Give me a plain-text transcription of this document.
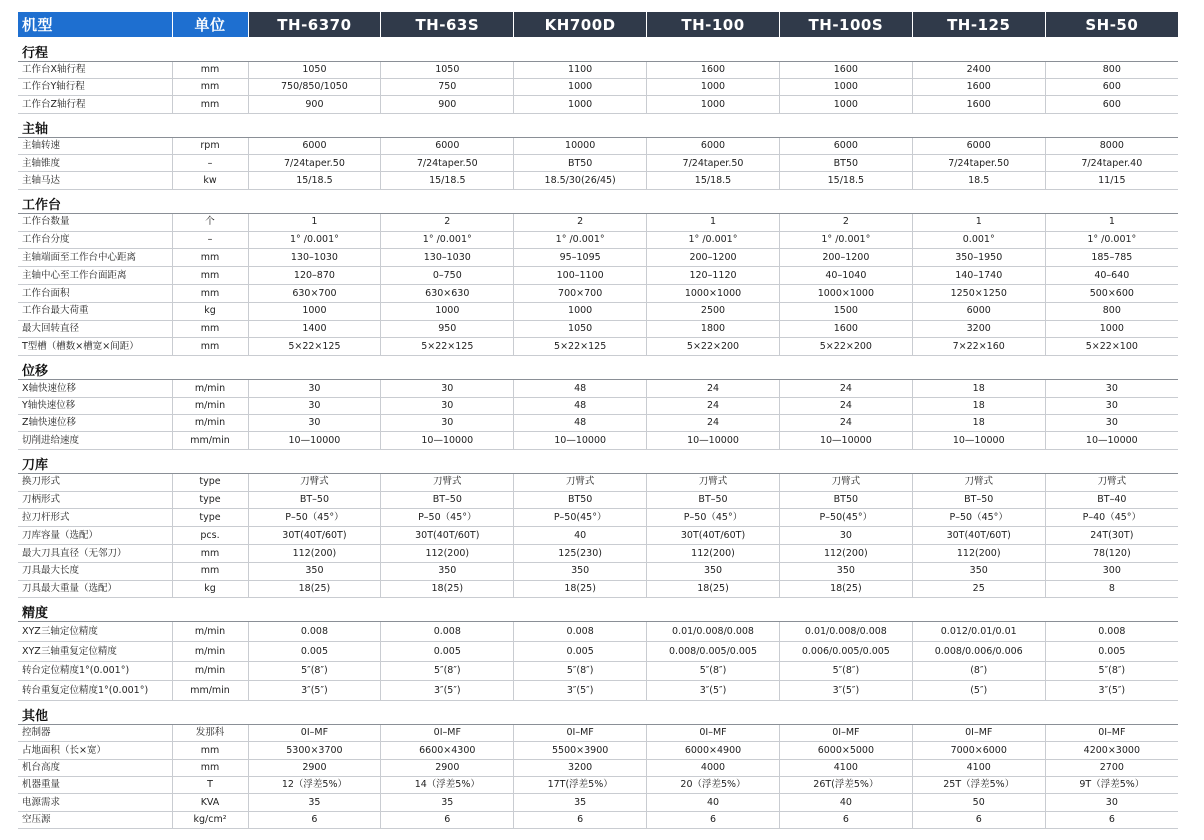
机型	单位	TH-6370	TH-63S	KH700D	TH-100	TH-100S	TH-125	SH-50
行程								
工作台X轴行程	mm	1050	1050	1100	1600	1600	2400	800
工作台Y轴行程	mm	750/850/1050	750	1000	1000	1000	1600	600
工作台Z轴行程	mm	900	900	1000	1000	1000	1600	600
主轴								
主轴转速	rpm	6000	6000	10000	6000	6000	6000	8000
主轴锥度	–	7/24taper.50	7/24taper.50	BT50	7/24taper.50	BT50	7/24taper.50	7/24taper.40
主轴马达	kw	15/18.5	15/18.5	18.5/30(26/45)	15/18.5	15/18.5	18.5	11/15
工作台								
工作台数量	个	1	2	2	1	2	1	1
工作台分度	–	1° /0.001°	1° /0.001°	1° /0.001°	1° /0.001°	1° /0.001°	0.001°	1° /0.001°
主轴端面至工作台中心距离	mm	130–1030	130–1030	95–1095	200–1200	200–1200	350–1950	185–785
主轴中心至工作台面距离	mm	120–870	0–750	100–1100	120–1120	40–1040	140–1740	40–640
工作台面积	mm	630×700	630×630	700×700	1000×1000	1000×1000	1250×1250	500×600
工作台最大荷重	kg	1000	1000	1000	2500	1500	6000	800
最大回转直径	mm	1400	950	1050	1800	1600	3200	1000
T型槽（槽数×槽宽×间距）	mm	5×22×125	5×22×125	5×22×125	5×22×200	5×22×200	7×22×160	5×22×100
位移								
X轴快速位移	m/min	30	30	48	24	24	18	30
Y轴快速位移	m/min	30	30	48	24	24	18	30
Z轴快速位移	m/min	30	30	48	24	24	18	30
切削进给速度	mm/min	10—10000	10—10000	10—10000	10—10000	10—10000	10—10000	10—10000
刀库								
换刀形式	type	刀臂式	刀臂式	刀臂式	刀臂式	刀臂式	刀臂式	刀臂式
刀柄形式	type	BT–50	BT–50	BT50	BT–50	BT50	BT–50	BT–40
拉刀杆形式	type	P–50（45°）	P–50（45°）	P–50(45°）	P–50（45°）	P–50(45°）	P–50（45°）	P–40（45°）
刀库容量（选配）	pcs.	30T(40T/60T)	30T(40T/60T)	40	30T(40T/60T)	30	30T(40T/60T)	24T(30T)
最大刀具直径（无邻刀）	mm	112(200)	112(200)	125(230)	112(200)	112(200)	112(200)	78(120)
刀具最大长度	mm	350	350	350	350	350	350	300
刀具最大重量（选配）	kg	18(25)	18(25)	18(25)	18(25)	18(25)	25	8
精度								
XYZ三轴定位精度	m/min	0.008	0.008	0.008	0.01/0.008/0.008	0.01/0.008/0.008	0.012/0.01/0.01	0.008
XYZ三轴重复定位精度	m/min	0.005	0.005	0.005	0.008/0.005/0.005	0.006/0.005/0.005	0.008/0.006/0.006	0.005
转台定位精度1°(0.001°)	m/min	5″(8″)	5″(8″)	5″(8″)	5″(8″)	5″(8″)	(8″)	5″(8″)
转台重复定位精度1°(0.001°)	mm/min	3″(5″)	3″(5″)	3″(5″)	3″(5″)	3″(5″)	(5″)	3″(5″)
其他								
控制器	发那科	0I–MF	0I–MF	0I–MF	0I–MF	0I–MF	0I–MF	0I–MF
占地面积（长×宽）	mm	5300×3700	6600×4300	5500×3900	6000×4900	6000×5000	7000×6000	4200×3000
机台高度	mm	2900	2900	3200	4000	4100	4100	2700
机器重量	T	12（浮差5%）	14（浮差5%）	17T(浮差5%）	20（浮差5%）	26T(浮差5%）	25T（浮差5%）	9T（浮差5%）
电源需求	KVA	35	35	35	40	40	50	30
空压源	kg/cm²	6	6	6	6	6	6	6
